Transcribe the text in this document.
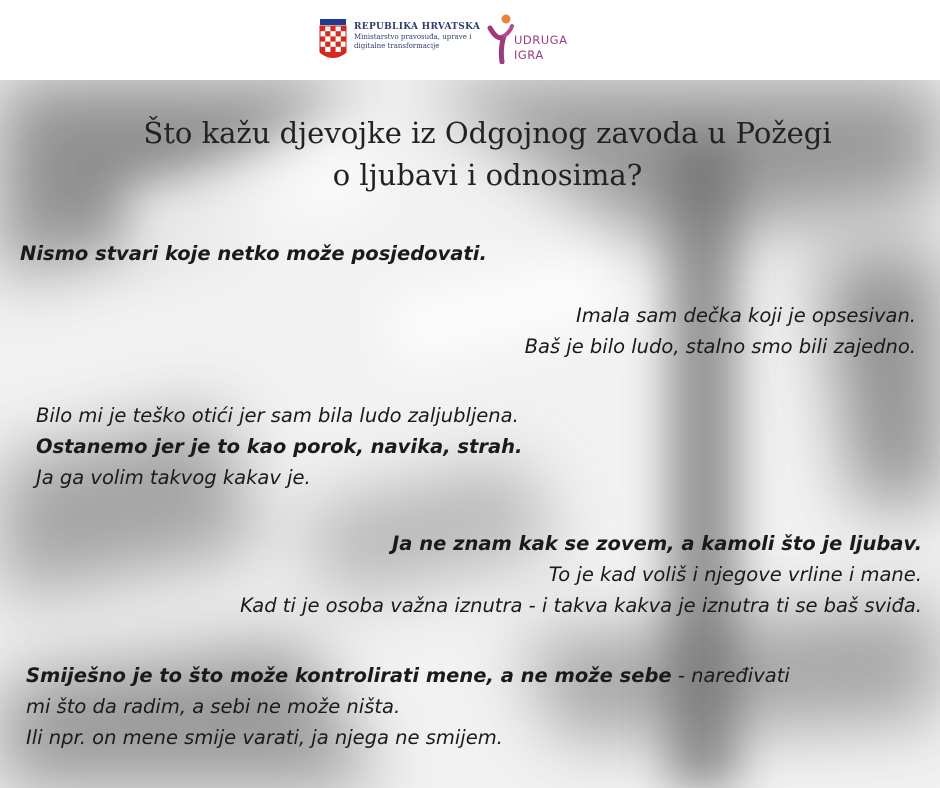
REPUBLIKA HRVATSKA
Ministarstvo pravosuđa, uprave i
digitalne transformacije	UDRUGA
IGRA
Što kažu djevojke iz Odgojnog zavoda u Požegi
o ljubavi i odnosima?

Nismo stvari koje netko može posjedovati.

Imala sam dečka koji je opsesivan.
Baš je bilo ludo, stalno smo bili zajedno.

Bilo mi je teško otići jer sam bila ludo zaljubljena.
Ostanemo jer je to kao porok, navika, strah.
Ja ga volim takvog kakav je.

Ja ne znam kak se zovem, a kamoli što je ljubav.
To je kad voliš i njegove vrline i mane.
Kad ti je osoba važna iznutra - i takva kakva je iznutra ti se baš sviđa.

Smiješno je to što može kontrolirati mene, a ne može sebe - naređivati
mi što da radim, a sebi ne može ništa.
Ili npr. on mene smije varati, ja njega ne smijem.
